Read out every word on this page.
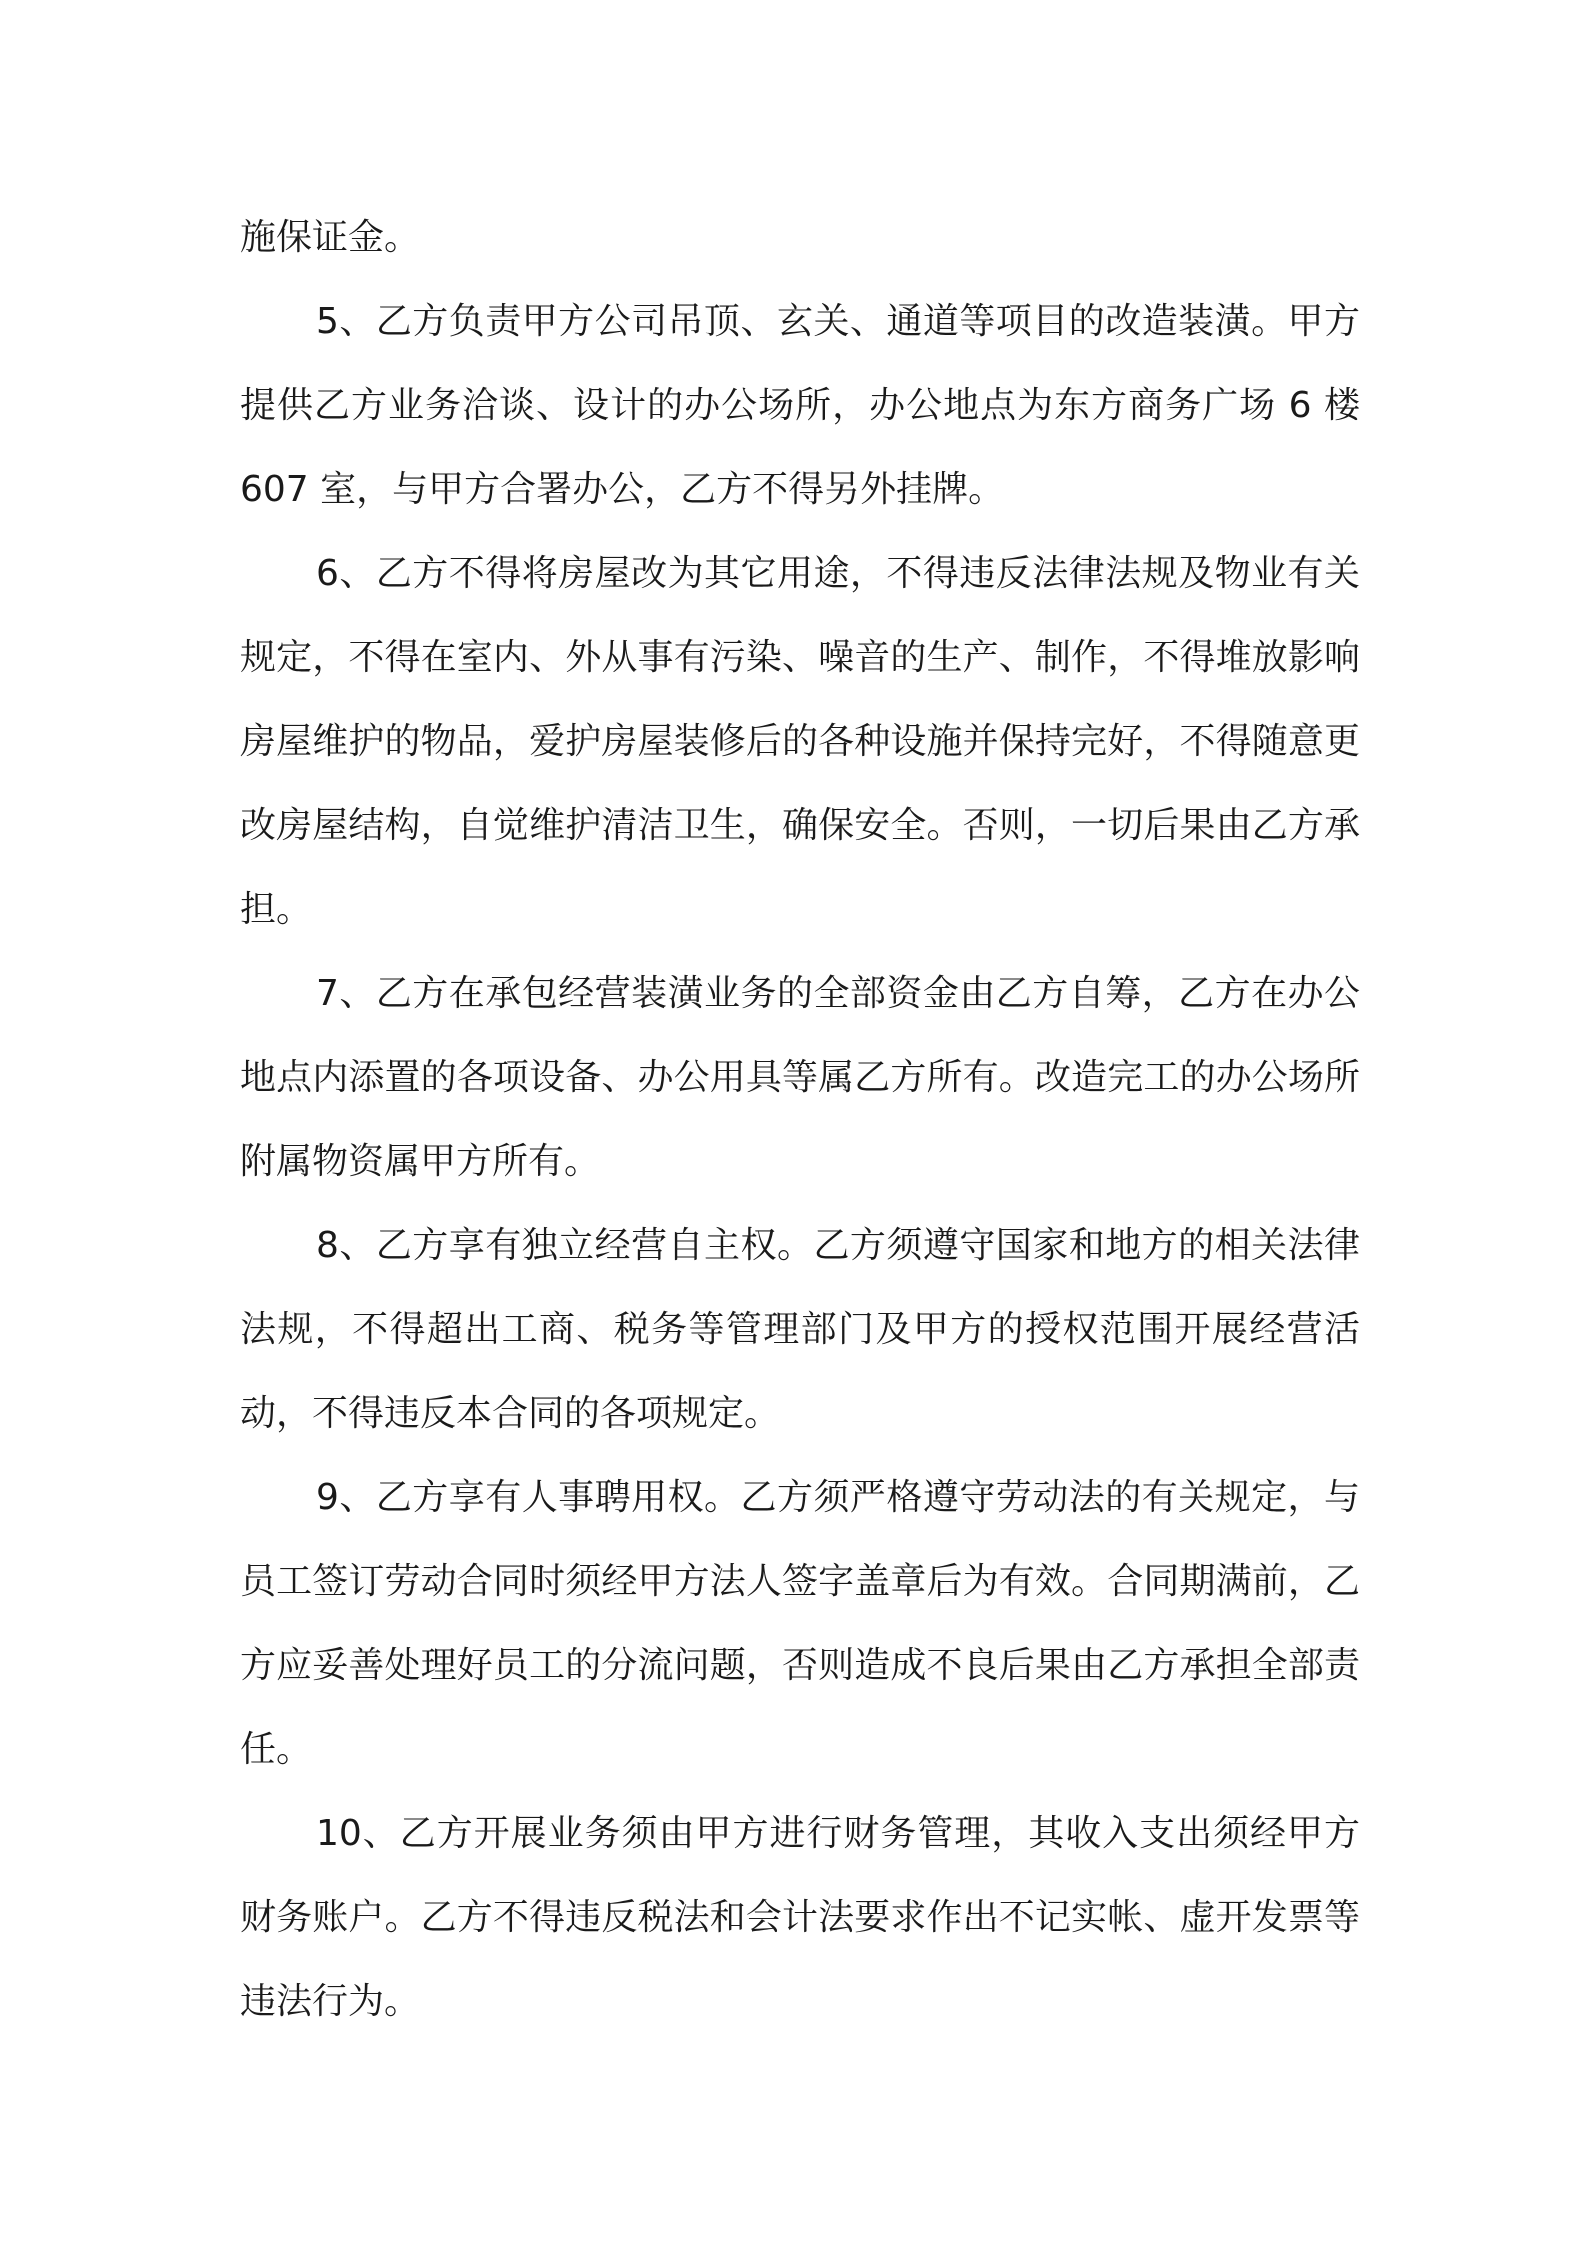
施保证金。

5、乙方负责甲方公司吊顶、玄关、通道等项目的改造装潢。甲方提供乙方业务洽谈、设计的办公场所，办公地点为东方商务广场 6 楼 607 室，与甲方合署办公，乙方不得另外挂牌。

6、乙方不得将房屋改为其它用途，不得违反法律法规及物业有关规定，不得在室内、外从事有污染、噪音的生产、制作，不得堆放影响房屋维护的物品，爱护房屋装修后的各种设施并保持完好，不得随意更改房屋结构，自觉维护清洁卫生，确保安全。否则，一切后果由乙方承担。

7、乙方在承包经营装潢业务的全部资金由乙方自筹，乙方在办公地点内添置的各项设备、办公用具等属乙方所有。改造完工的办公场所附属物资属甲方所有。

8、乙方享有独立经营自主权。乙方须遵守国家和地方的相关法律法规，不得超出工商、税务等管理部门及甲方的授权范围开展经营活动，不得违反本合同的各项规定。

9、乙方享有人事聘用权。乙方须严格遵守劳动法的有关规定，与员工签订劳动合同时须经甲方法人签字盖章后为有效。合同期满前，乙方应妥善处理好员工的分流问题，否则造成不良后果由乙方承担全部责任。

10、乙方开展业务须由甲方进行财务管理，其收入支出须经甲方财务账户。乙方不得违反税法和会计法要求作出不记实帐、虚开发票等违法行为。
